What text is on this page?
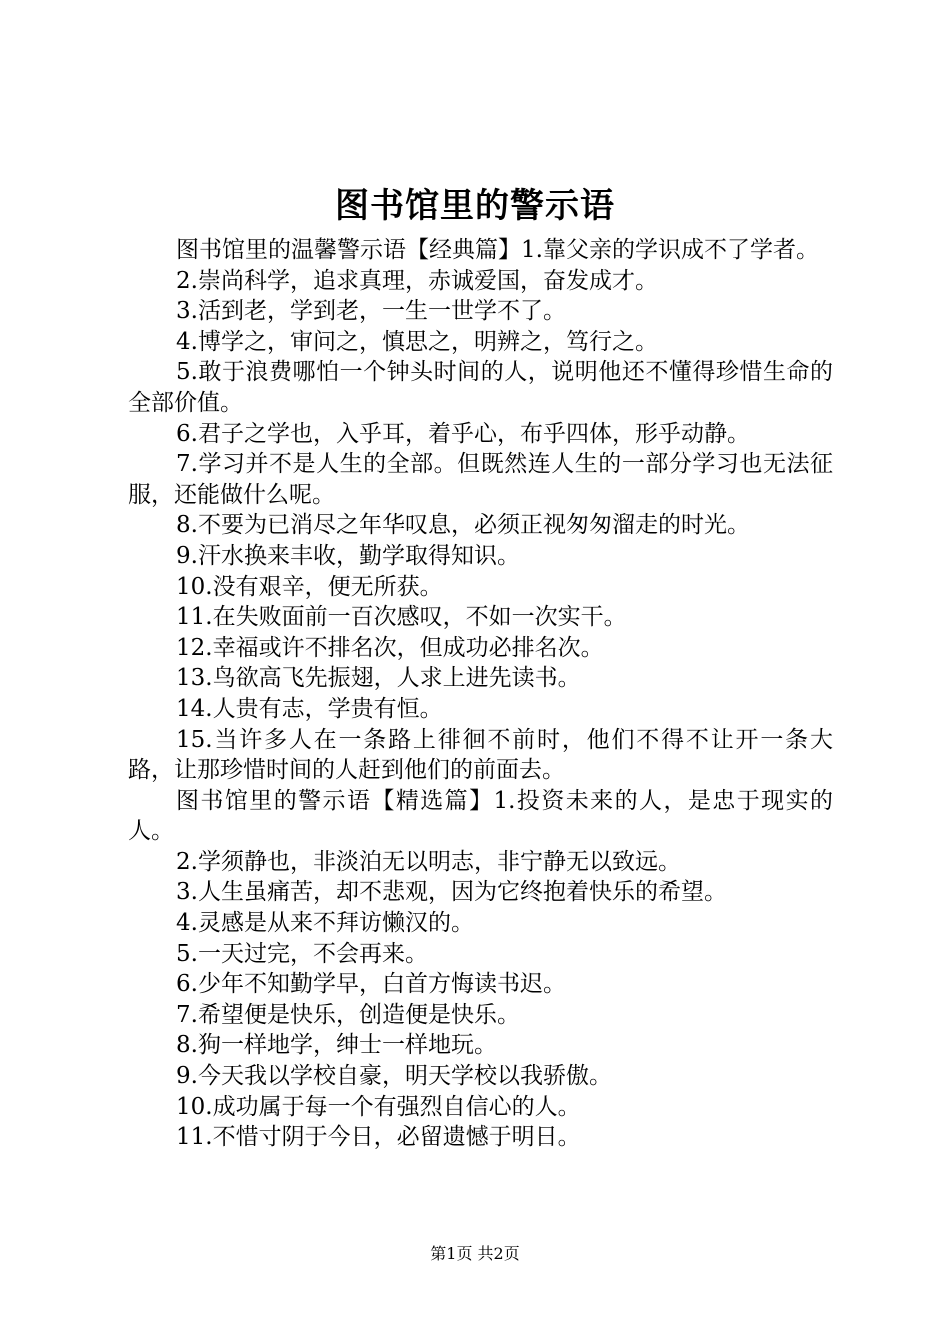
图书馆里的警示语

图书馆里的温馨警示语【经典篇】1.靠父亲的学识成不了学者。

2.崇尚科学，追求真理，赤诚爱国，奋发成才。

3.活到老，学到老，一生一世学不了。

4.博学之，审问之，慎思之，明辨之，笃行之。

5.敢于浪费哪怕一个钟头时间的人，说明他还不懂得珍惜生命的全部价值。

6.君子之学也，入乎耳，着乎心，布乎四体，形乎动静。

7.学习并不是人生的全部。但既然连人生的一部分学习也无法征服，还能做什么呢。

8.不要为已消尽之年华叹息，必须正视匆匆溜走的时光。

9.汗水换来丰收，勤学取得知识。

10.没有艰辛，便无所获。

11.在失败面前一百次感叹，不如一次实干。

12.幸福或许不排名次，但成功必排名次。

13.鸟欲高飞先振翅，人求上进先读书。

14.人贵有志，学贵有恒。

15.当许多人在一条路上徘徊不前时，他们不得不让开一条大路，让那珍惜时间的人赶到他们的前面去。

图书馆里的警示语【精选篇】1.投资未来的人，是忠于现实的人。

2.学须静也，非淡泊无以明志，非宁静无以致远。

3.人生虽痛苦，却不悲观，因为它终抱着快乐的希望。

4.灵感是从来不拜访懒汉的。

5.一天过完，不会再来。

6.少年不知勤学早，白首方悔读书迟。

7.希望便是快乐，创造便是快乐。

8.狗一样地学，绅士一样地玩。

9.今天我以学校自豪，明天学校以我骄傲。

10.成功属于每一个有强烈自信心的人。

11.不惜寸阴于今日，必留遗憾于明日。

第1页 共2页
